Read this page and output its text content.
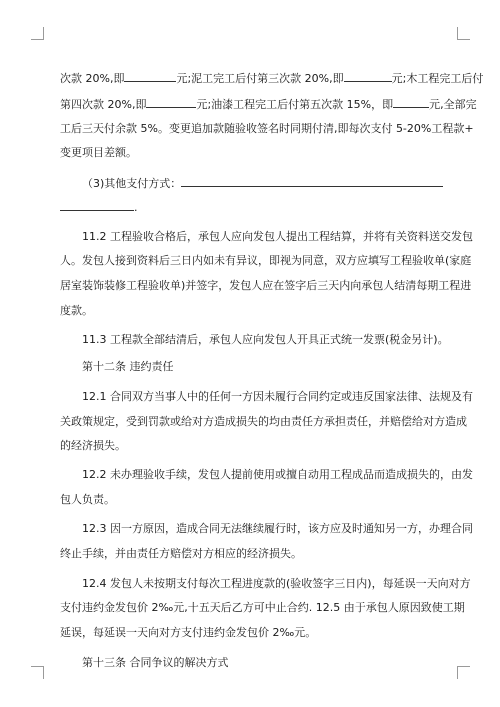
次款 20%,即	元;泥工完工后付第三次款 20%,即	元;木工程完工后付
第四次款 20%,即	元;油漆工程完工后付第五次款 15%，即	元,全部完
工后三天付余款 5%。变更追加款随验收签名时同期付清,即每次支付 5-20%工程款+
变更项目差额。
（3)其他支付方式：
.
11.2 工程验收合格后，承包人应向发包人提出工程结算，并将有关资料送交发包
人。发包人接到资料后三日内如未有异议，即视为同意，双方应填写工程验收单(家庭
居室装饰装修工程验收单)并签字，发包人应在签字后三天内向承包人结清每期工程进
度款。
11.3 工程款全部结清后，承包人应向发包人开具正式统一发票(税金另计)。
第十二条 违约责任
12.1 合同双方当事人中的任何一方因未履行合同约定或违反国家法律、法规及有
关政策规定，受到罚款或给对方造成损失的均由责任方承担责任，并赔偿给对方造成
的经济损失。
12.2 未办理验收手续，发包人提前使用或擅自动用工程成品而造成损失的，由发
包人负责。
12.3 因一方原因，造成合同无法继续履行时，该方应及时通知另一方，办理合同
终止手续，并由责任方赔偿对方相应的经济损失。
12.4 发包人未按期支付每次工程进度款的(验收签字三日内)，每延误一天向对方
支付违约金发包价 2‰元,十五天后乙方可中止合约. 12.5 由于承包人原因致使工期
延误，每延误一天向对方支付违约金发包价 2‰元。
第十三条 合同争议的解决方式
